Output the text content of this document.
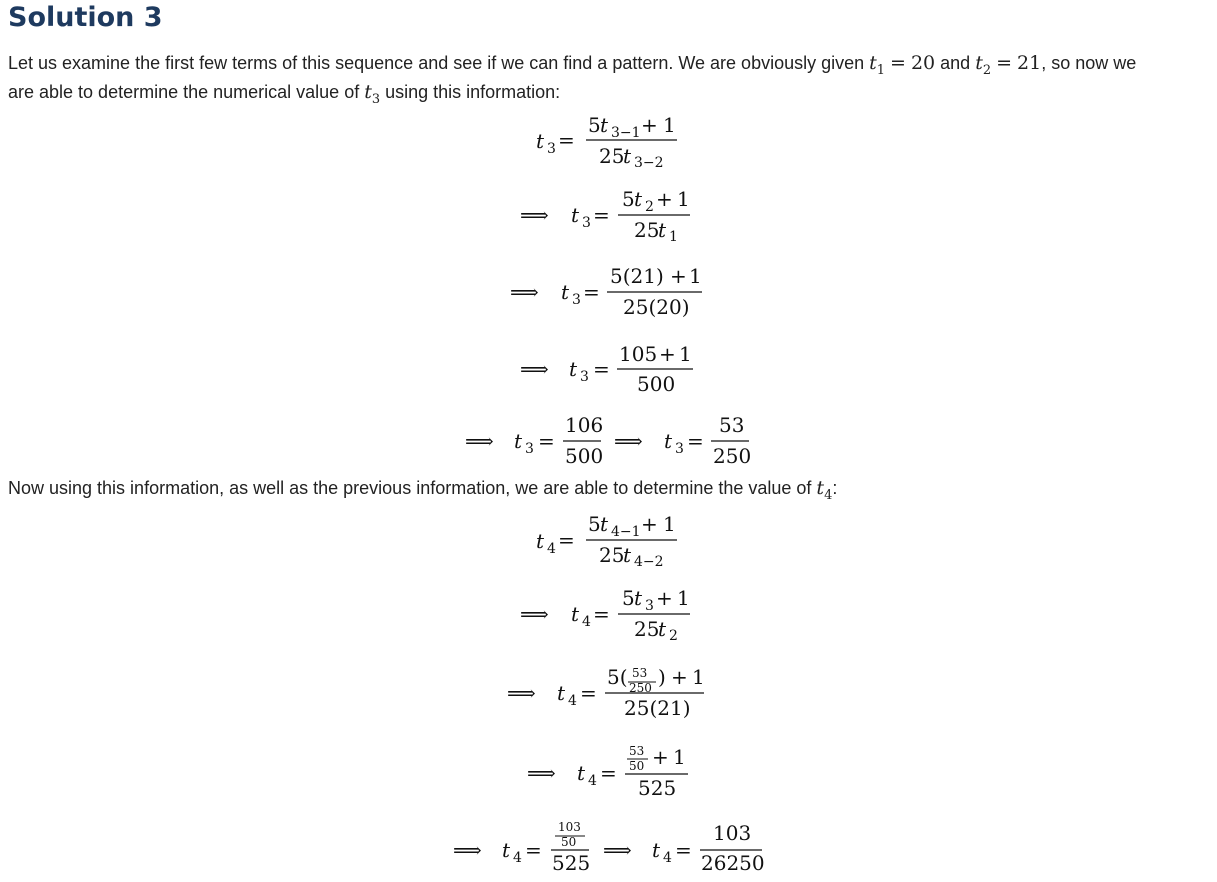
Solution 3

Let us examine the first few terms of this sequence and see if we can find a pattern. We are obviously given $t_1 = 20$ and $t_2 = 21$, so now we
are able to determine the numerical value of $t_3$ using this information:

Now using this information, as well as the previous information, we are able to determine the value of $t_4$:

t 3 =
5 t 3−1 + 1
25
t 3−2
⟹ t 3 =
5 t 2 + 1
25
t 1
⟹ t 3 =
5(21) + 1
25(20)
⟹ t 3 =
105 + 1
500
⟹ t 3 =
106
500
⟹ t 3 =
53
250
t 4 =
5 t 4−1 + 1
25
t 4−2
⟹ t 4 =
5 t 3 + 1
25
t 2
⟹ t 4 =
5( 53
250 ) + 1
25(21)
⟹ t 4 =
53
50 + 1
525
⟹ t 4 =
103
50
525
⟹ t 4 =
103
26250
